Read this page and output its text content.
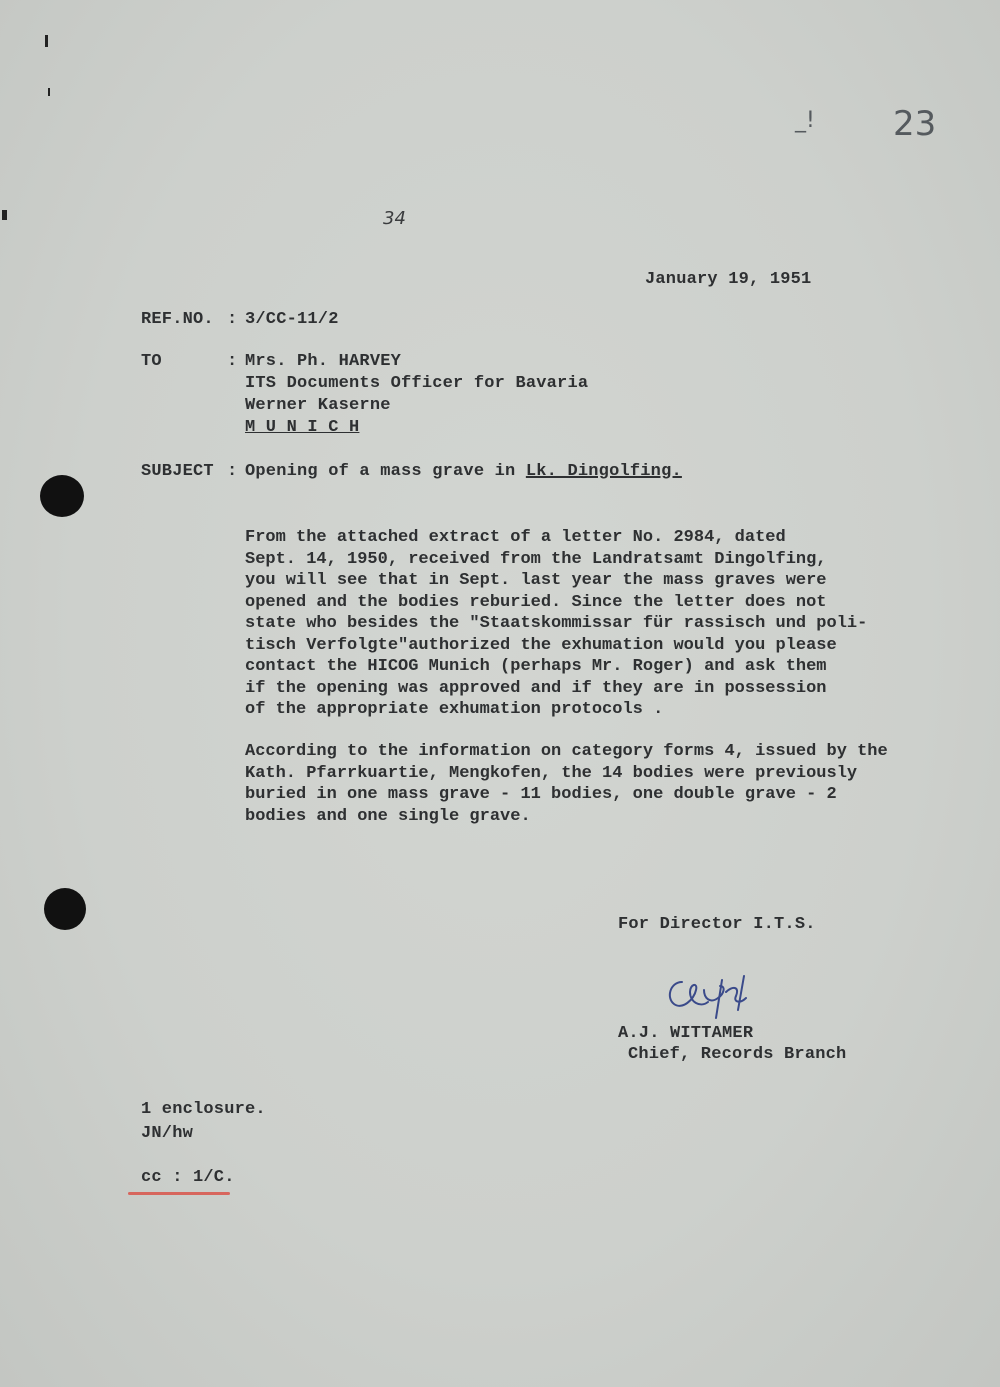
_! 23
34
January 19, 1951
REF.NO. : 3/CC-11/2
TO	: Mrs. Ph. HARVEY
ITS Documents Officer for Bavaria
Werner Kaserne
M U N I C H
SUBJECT : Opening of a mass grave in Lk. Dingolfing.
From the attached extract of a letter No. 2984, dated
Sept. 14, 1950, received from the Landratsamt Dingolfing,
you will see that in Sept. last year the mass graves were
opened and the bodies reburied. Since the letter does not
state who besides the "Staatskommissar für rassisch und poli-
tisch Verfolgte"authorized the exhumation would you please
contact the HICOG Munich (perhaps Mr. Roger) and ask them
if the opening was approved and if they are in possession
of the appropriate exhumation protocols .
According to the information on category forms 4, issued by the
Kath. Pfarrkuartie, Mengkofen, the 14 bodies were previously
buried in one mass grave - 11 bodies, one double grave - 2
bodies and one single grave.
For Director I.T.S.
A.J. WITTAMER
Chief, Records Branch
1 enclosure.
JN/hw
cc : 1/C.
